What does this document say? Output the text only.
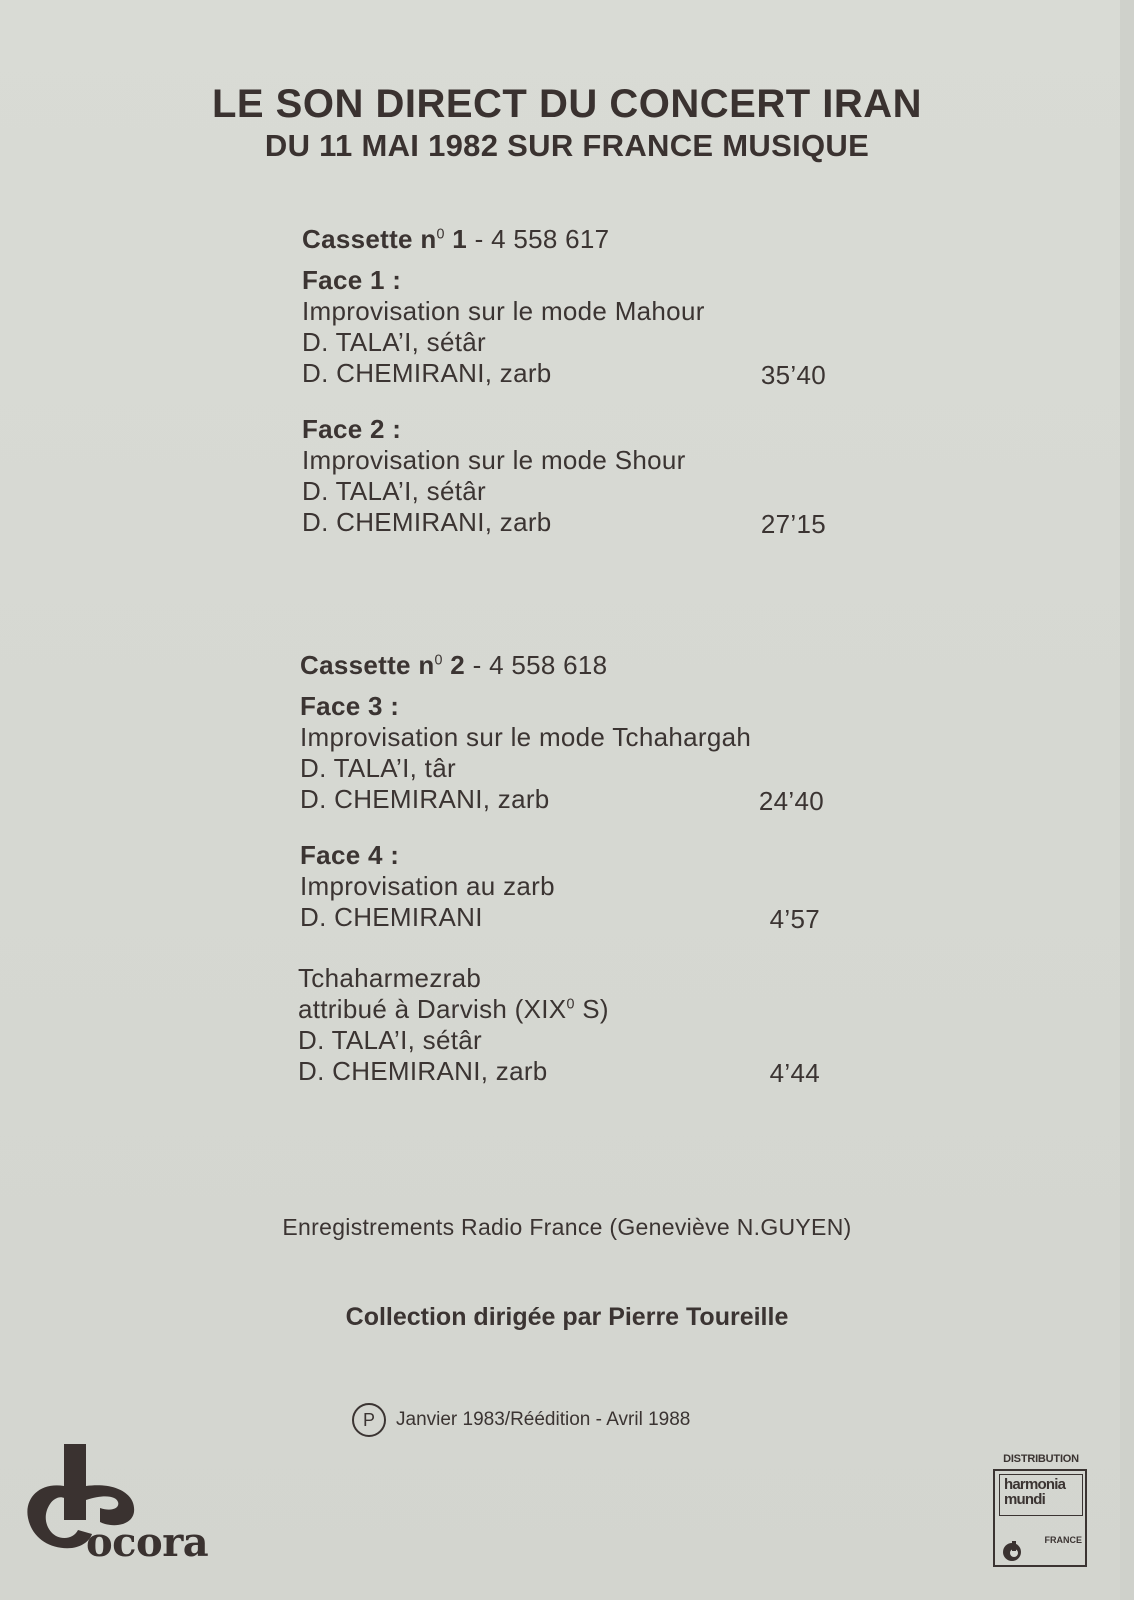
LE SON DIRECT DU CONCERT IRAN
DU 11 MAI 1982 SUR FRANCE MUSIQUE
Cassette $n^0$ 1 - 4 558 617
Face 1 :
Improvisation sur le mode Mahour
D. TALA’I, sétâr
D. CHEMIRANI, zarb	35’40
Face 2 :
Improvisation sur le mode Shour
D. TALA’I, sétâr
D. CHEMIRANI, zarb	27’15
Cassette $n^0$ 2 - 4 558 618
Face 3 :
Improvisation sur le mode Tchahargah
D. TALA’I, târ
D. CHEMIRANI, zarb	24’40
Face 4 :
Improvisation au zarb
D. CHEMIRANI	4’57
Tchaharmezrab
attribué à Darvish (XIX$^0$ S)
D. TALA’I, sétâr
D. CHEMIRANI, zarb	4’44
Enregistrements Radio France (Geneviève N.GUYEN)
Collection dirigée par Pierre Toureille
P Janvier 1983/Réédition - Avril 1988
ocora
DISTRIBUTION
harmonia
mundi
FRANCE
